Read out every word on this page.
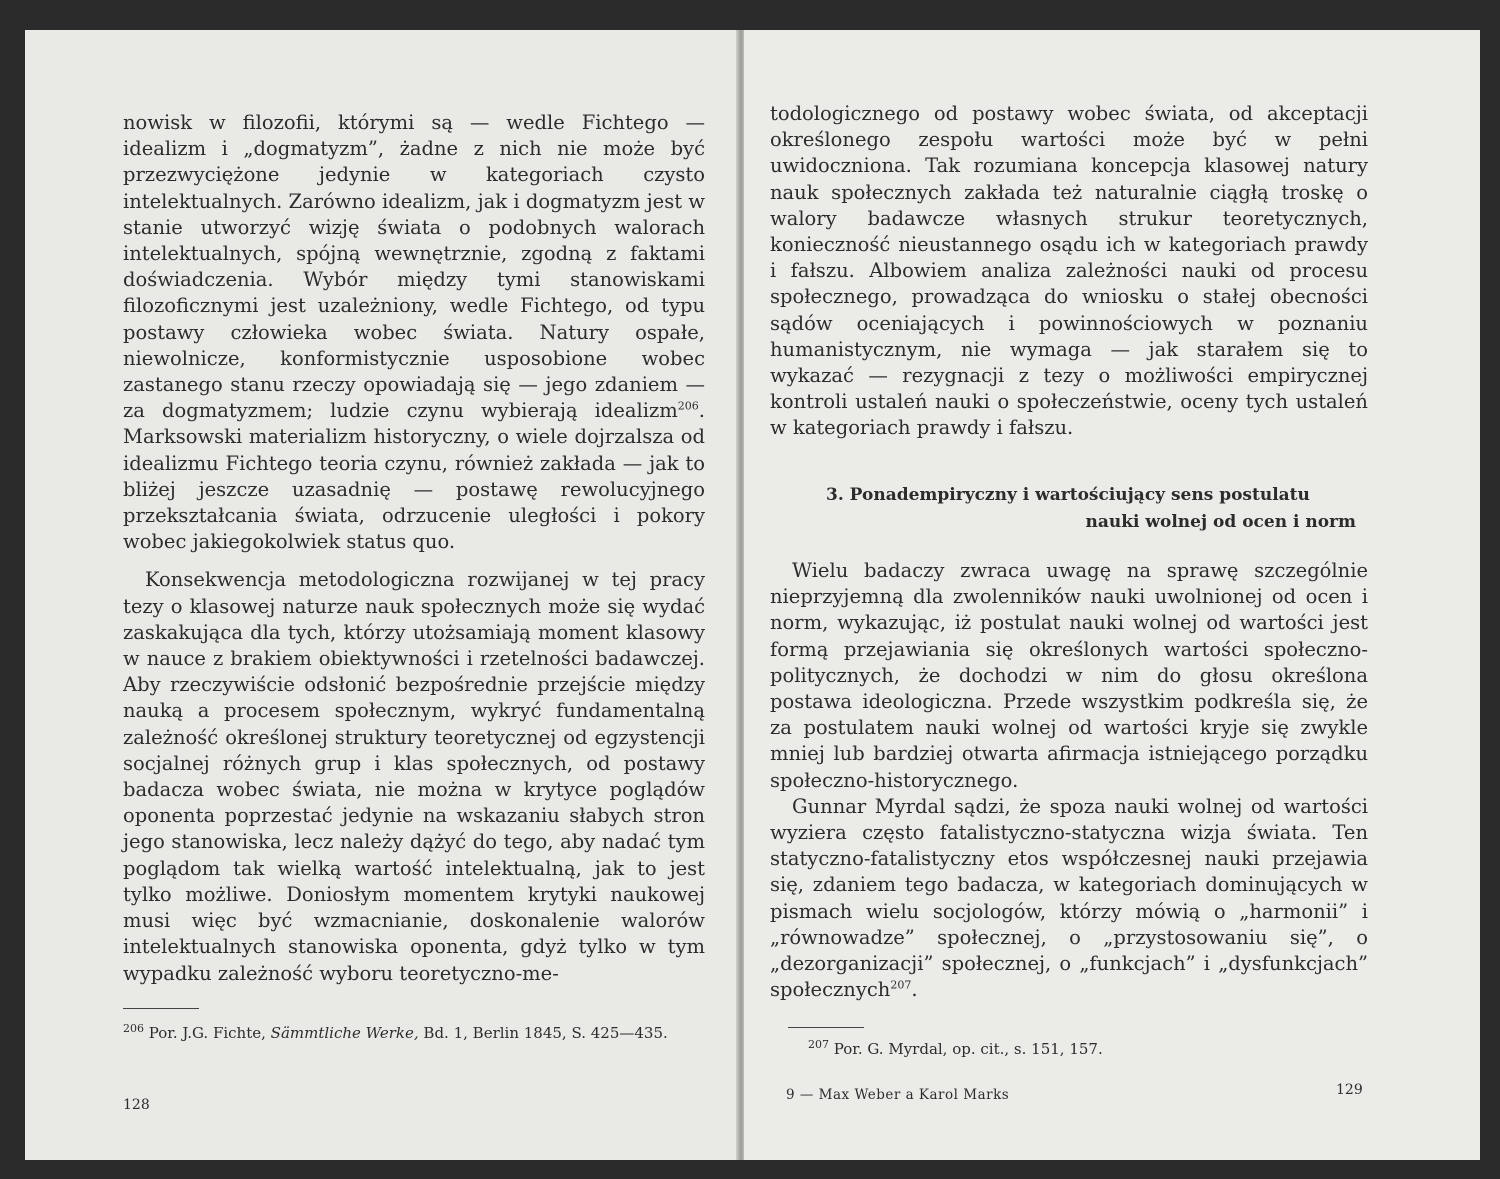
nowisk w filozofii, którymi są — wedle Fichtego — idealizm i „dogmatyzm”, żadne z nich nie może być przezwyciężone jedynie w kategoriach czysto intelektualnych. Zarówno idealizm, jak i dogmatyzm jest w stanie utworzyć wizję świata o podobnych walorach intelektualnych, spójną wewnętrznie, zgodną z faktami doświadczenia. Wybór między tymi stanowiskami filozoficznymi jest uzależniony, wedle Fichtego, od typu postawy człowieka wobec świata. Natury ospałe, niewolnicze, konformistycznie usposobione wobec zastanego stanu rzeczy opowiadają się — jego zdaniem — za dogmatyzmem; ludzie czynu wybierają idealizm$^{206}$. Marksowski materializm historyczny, o wiele dojrzalsza od idealizmu Fichtego teoria czynu, również zakłada — jak to bliżej jeszcze uzasadnię — postawę rewolucyjnego przekształcania świata, odrzucenie uległości i pokory wobec jakiegokolwiek status quo.

Konsekwencja metodologiczna rozwijanej w tej pracy tezy o klasowej naturze nauk społecznych może się wydać zaskakująca dla tych, którzy utożsamiają moment klasowy w nauce z brakiem obiektywności i rzetelności badawczej. Aby rzeczywiście odsłonić bezpośrednie przejście między nauką a procesem społecznym, wykryć fundamentalną zależność określonej struktury teoretycznej od egzystencji socjalnej różnych grup i klas społecznych, od postawy badacza wobec świata, nie można w krytyce poglądów oponenta poprzestać jedynie na wskazaniu słabych stron jego stanowiska, lecz należy dążyć do tego, aby nadać tym poglądom tak wielką wartość intelektualną, jak to jest tylko możliwe. Doniosłym momentem krytyki naukowej musi więc być wzmacnianie, doskonalenie walorów intelektualnych stanowiska oponenta, gdyż tylko w tym wypadku zależność wyboru teoretyczno-me-

$^{206}$ Por. J.G. Fichte, Sämmtliche Werke, Bd. 1, Berlin 1845, S. 425—435.
128

todologicznego od postawy wobec świata, od akceptacji określonego zespołu wartości może być w pełni uwidoczniona. Tak rozumiana koncepcja klasowej natury nauk społecznych zakłada też naturalnie ciągłą troskę o walory badawcze własnych strukur teoretycznych, konieczność nieustannego osądu ich w kategoriach prawdy i fałszu. Albowiem analiza zależności nauki od procesu społecznego, prowadząca do wniosku o stałej obecności sądów oceniających i powinnościowych w poznaniu humanistycznym, nie wymaga — jak starałem się to wykazać — rezygnacji z tezy o możliwości empirycznej kontroli ustaleń nauki o społeczeństwie, oceny tych ustaleń w kategoriach prawdy i fałszu.

3. Ponadempiryczny i wartościujący sens postulatu
nauki wolnej od ocen i norm

Wielu badaczy zwraca uwagę na sprawę szczególnie nieprzyjemną dla zwolenników nauki uwolnionej od ocen i norm, wykazując, iż postulat nauki wolnej od wartości jest formą przejawiania się określonych wartości społeczno-politycznych, że dochodzi w nim do głosu określona postawa ideologiczna. Przede wszystkim podkreśla się, że za postulatem nauki wolnej od wartości kryje się zwykle mniej lub bardziej otwarta afirmacja istniejącego porządku społeczno-historycznego.

Gunnar Myrdal sądzi, że spoza nauki wolnej od wartości wyziera często fatalistyczno-statyczna wizja świata. Ten statyczno-fatalistyczny etos współczesnej nauki przejawia się, zdaniem tego badacza, w kategoriach dominujących w pismach wielu socjologów, którzy mówią o „harmonii” i „równowadze” społecznej, o „przystosowaniu się”, o „dezorganizacji” społecznej, o „funkcjach” i „dysfunkcjach” społecznych$^{207}$.

$^{207}$ Por. G. Myrdal, op. cit., s. 151, 157.
9 — Max Weber a Karol Marks	129
